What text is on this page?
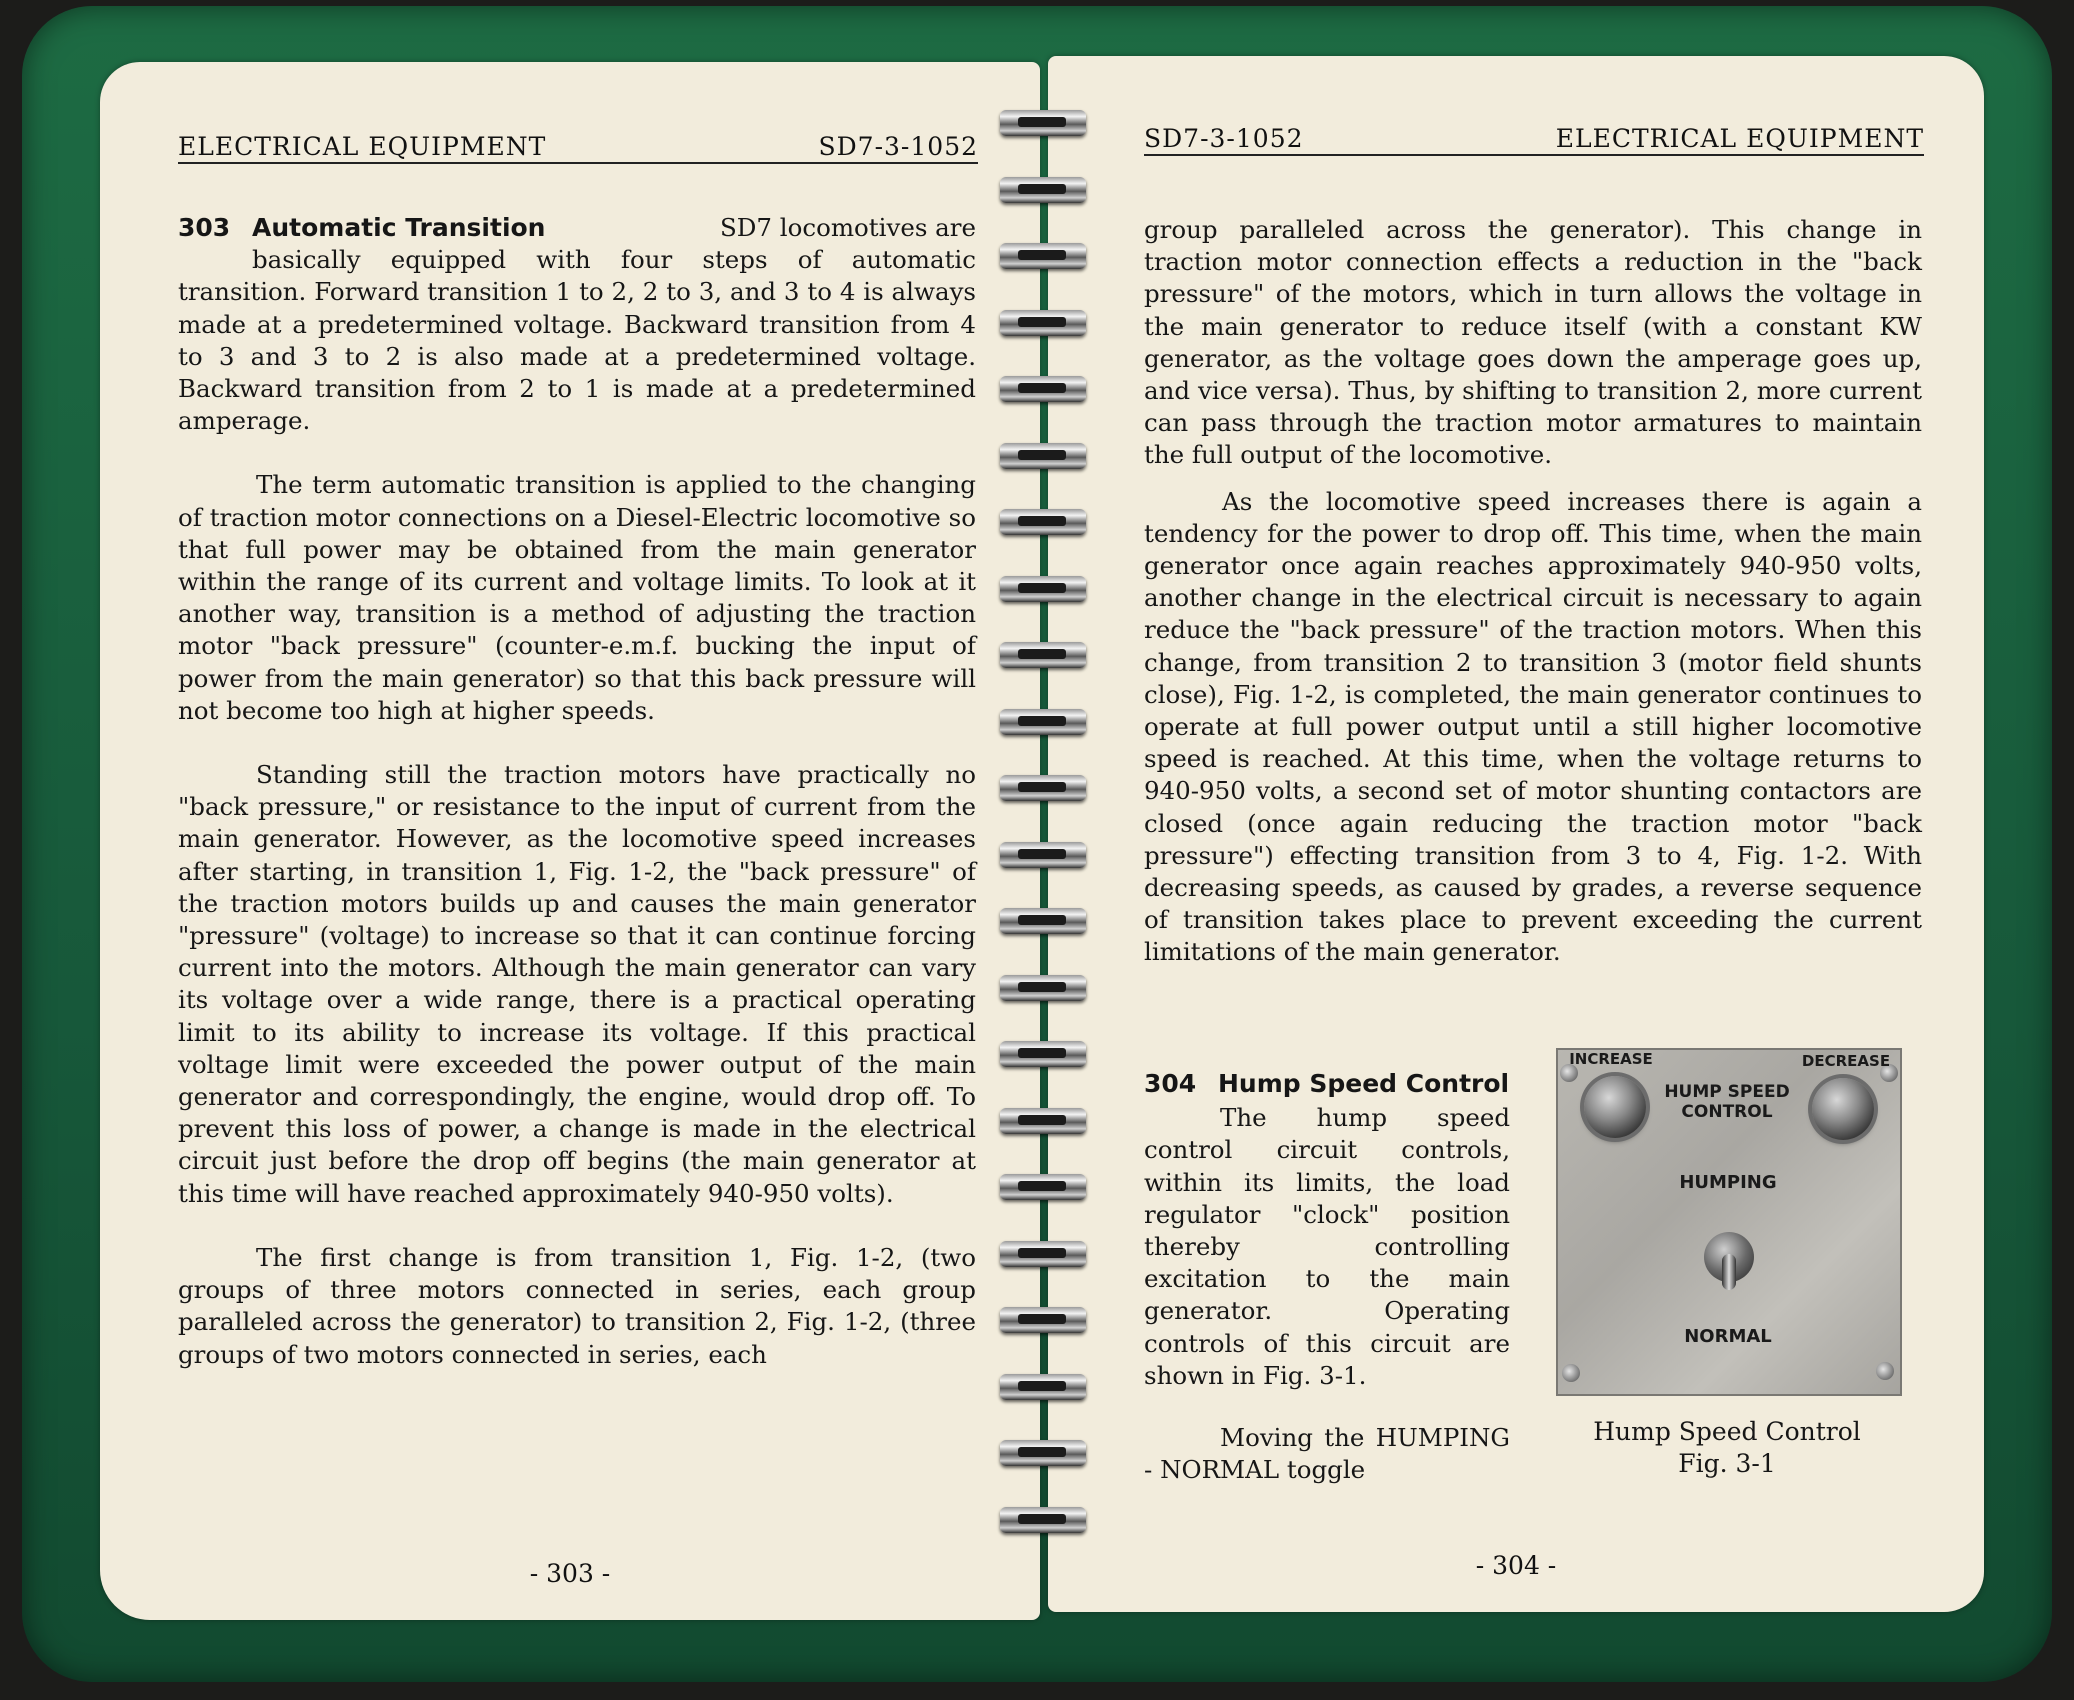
ELECTRICAL EQUIPMENT	SD7-3-1052

303 Automatic Transition	SD7 locomotives are

basically equipped with four steps of automatic transition. Forward transition 1 to 2, 2 to 3, and 3 to 4 is always made at a predetermined voltage. Backward transition from 4 to 3 and 3 to 2 is also made at a predetermined voltage. Backward transition from 2 to 1 is made at a predetermined amperage.

The term automatic transition is applied to the changing of traction motor connections on a Diesel-Electric locomotive so that full power may be obtained from the main generator within the range of its current and voltage limits. To look at it another way, transition is a method of adjusting the traction motor "back pressure" (counter-e.m.f. bucking the input of power from the main generator) so that this back pressure will not become too high at higher speeds.

Standing still the traction motors have practically no "back pressure," or resistance to the input of current from the main generator. However, as the locomotive speed increases after starting, in transition 1, Fig. 1-2, the "back pressure" of the traction motors builds up and causes the main generator "pressure" (voltage) to increase so that it can continue forcing current into the motors. Although the main generator can vary its voltage over a wide range, there is a practical operating limit to its ability to increase its voltage. If this practical voltage limit were exceeded the power output of the main generator and correspondingly, the engine, would drop off. To prevent this loss of power, a change is made in the electrical circuit just before the drop off begins (the main generator at this time will have reached approximately 940-950 volts).

The first change is from transition 1, Fig. 1-2, (two groups of three motors connected in series, each group paralleled across the generator) to transition 2, Fig. 1-2, (three groups of two motors connected in series, each

- 303 -
SD7-3-1052	ELECTRICAL EQUIPMENT

group paralleled across the generator). This change in traction motor connection effects a reduction in the "back pressure" of the motors, which in turn allows the voltage in the main generator to reduce itself (with a constant KW generator, as the voltage goes down the amperage goes up, and vice versa). Thus, by shifting to transition 2, more current can pass through the traction motor armatures to maintain the full output of the locomotive.

As the locomotive speed increases there is again a tendency for the power to drop off. This time, when the main generator once again reaches approximately 940-950 volts, another change in the electrical circuit is necessary to again reduce the "back pressure" of the traction motors. When this change, from transition 2 to transition 3 (motor field shunts close), Fig. 1-2, is completed, the main generator continues to operate at full power output until a still higher locomotive speed is reached. At this time, when the voltage returns to 940-950 volts, a second set of motor shunting contactors are closed (once again reducing the traction motor "back pressure") effecting transition from 3 to 4, Fig. 1-2. With decreasing speeds, as caused by grades, a reverse sequence of transition takes place to prevent exceeding the current limitations of the main generator.

- 304 -

304 Hump Speed Control

The hump speed control circuit controls, within its limits, the load regulator "clock" position thereby controlling excitation to the main generator. Operating controls of this circuit are shown in Fig. 3-1.

Moving the HUMPING - NORMAL toggle

INCREASE	DECREASE
HUMP SPEED CONTROL
HUMPING
NORMAL
Hump Speed Control
Fig. 3-1
